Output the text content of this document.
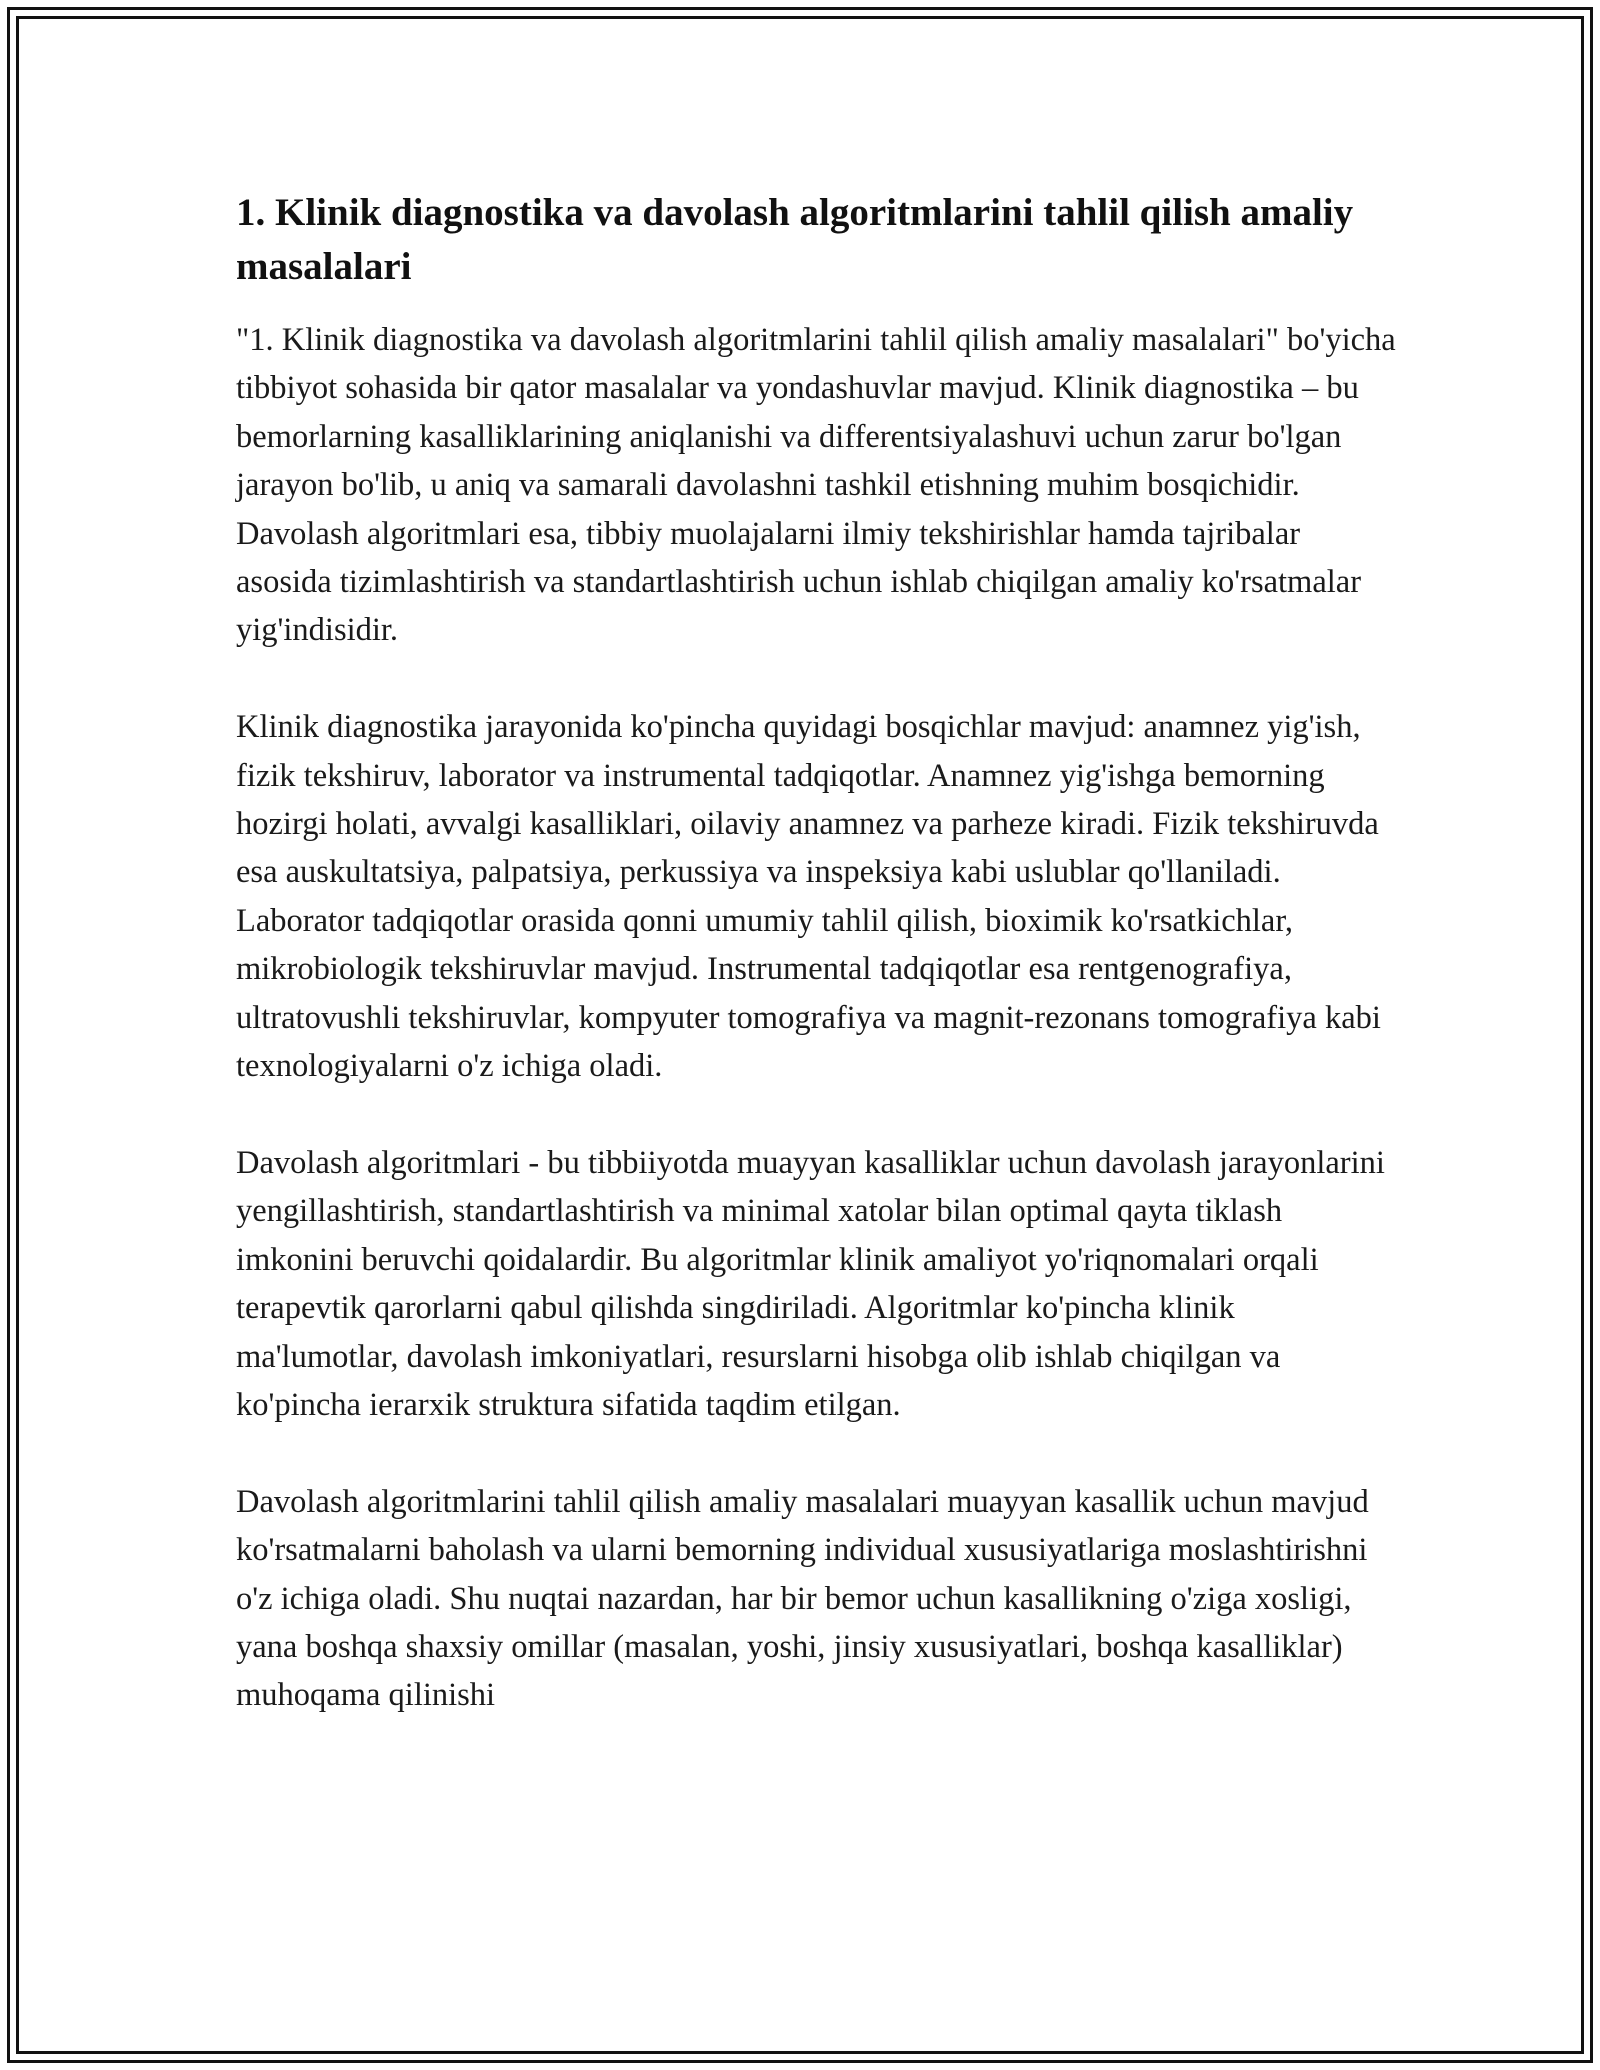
1. Klinik diagnostika va davolash algoritmlarini tahlil qilish amaliy masalalari

"1. Klinik diagnostika va davolash algoritmlarini tahlil qilish amaliy masalalari" bo'yicha tibbiyot sohasida bir qator masalalar va yondashuvlar mavjud. Klinik diagnostika – bu bemorlarning kasalliklarining aniqlanishi va differentsiyalashuvi uchun zarur bo'lgan jarayon bo'lib, u aniq va samarali davolashni tashkil etishning muhim bosqichidir. Davolash algoritmlari esa, tibbiy muolajalarni ilmiy tekshirishlar hamda tajribalar asosida tizimlashtirish va standartlashtirish uchun ishlab chiqilgan amaliy ko'rsatmalar yig'indisidir.

Klinik diagnostika jarayonida ko'pincha quyidagi bosqichlar mavjud: anamnez yig'ish, fizik tekshiruv, laborator va instrumental tadqiqotlar. Anamnez yig'ishga bemorning hozirgi holati, avvalgi kasalliklari, oilaviy anamnez va parheze kiradi. Fizik tekshiruvda esa auskultatsiya, palpatsiya, perkussiya va inspeksiya kabi uslublar qo'llaniladi. Laborator tadqiqotlar orasida qonni umumiy tahlil qilish, bioximik ko'rsatkichlar, mikrobiologik tekshiruvlar mavjud. Instrumental tadqiqotlar esa rentgenografiya, ultratovushli tekshiruvlar, kompyuter tomografiya va magnit-rezonans tomografiya kabi texnologiyalarni o'z ichiga oladi.

Davolash algoritmlari - bu tibbiiyotda muayyan kasalliklar uchun davolash jarayonlarini yengillashtirish, standartlashtirish va minimal xatolar bilan optimal qayta tiklash imkonini beruvchi qoidalardir. Bu algoritmlar klinik amaliyot yo'riqnomalari orqali terapevtik qarorlarni qabul qilishda singdiriladi. Algoritmlar ko'pincha klinik ma'lumotlar, davolash imkoniyatlari, resurslarni hisobga olib ishlab chiqilgan va ko'pincha ierarxik struktura sifatida taqdim etilgan.

Davolash algoritmlarini tahlil qilish amaliy masalalari muayyan kasallik uchun mavjud ko'rsatmalarni baholash va ularni bemorning individual xususiyatlariga moslashtirishni o'z ichiga oladi. Shu nuqtai nazardan, har bir bemor uchun kasallikning o'ziga xosligi, yana boshqa shaxsiy omillar (masalan, yoshi, jinsiy xususiyatlari, boshqa kasalliklar) muhoqama qilinishi
